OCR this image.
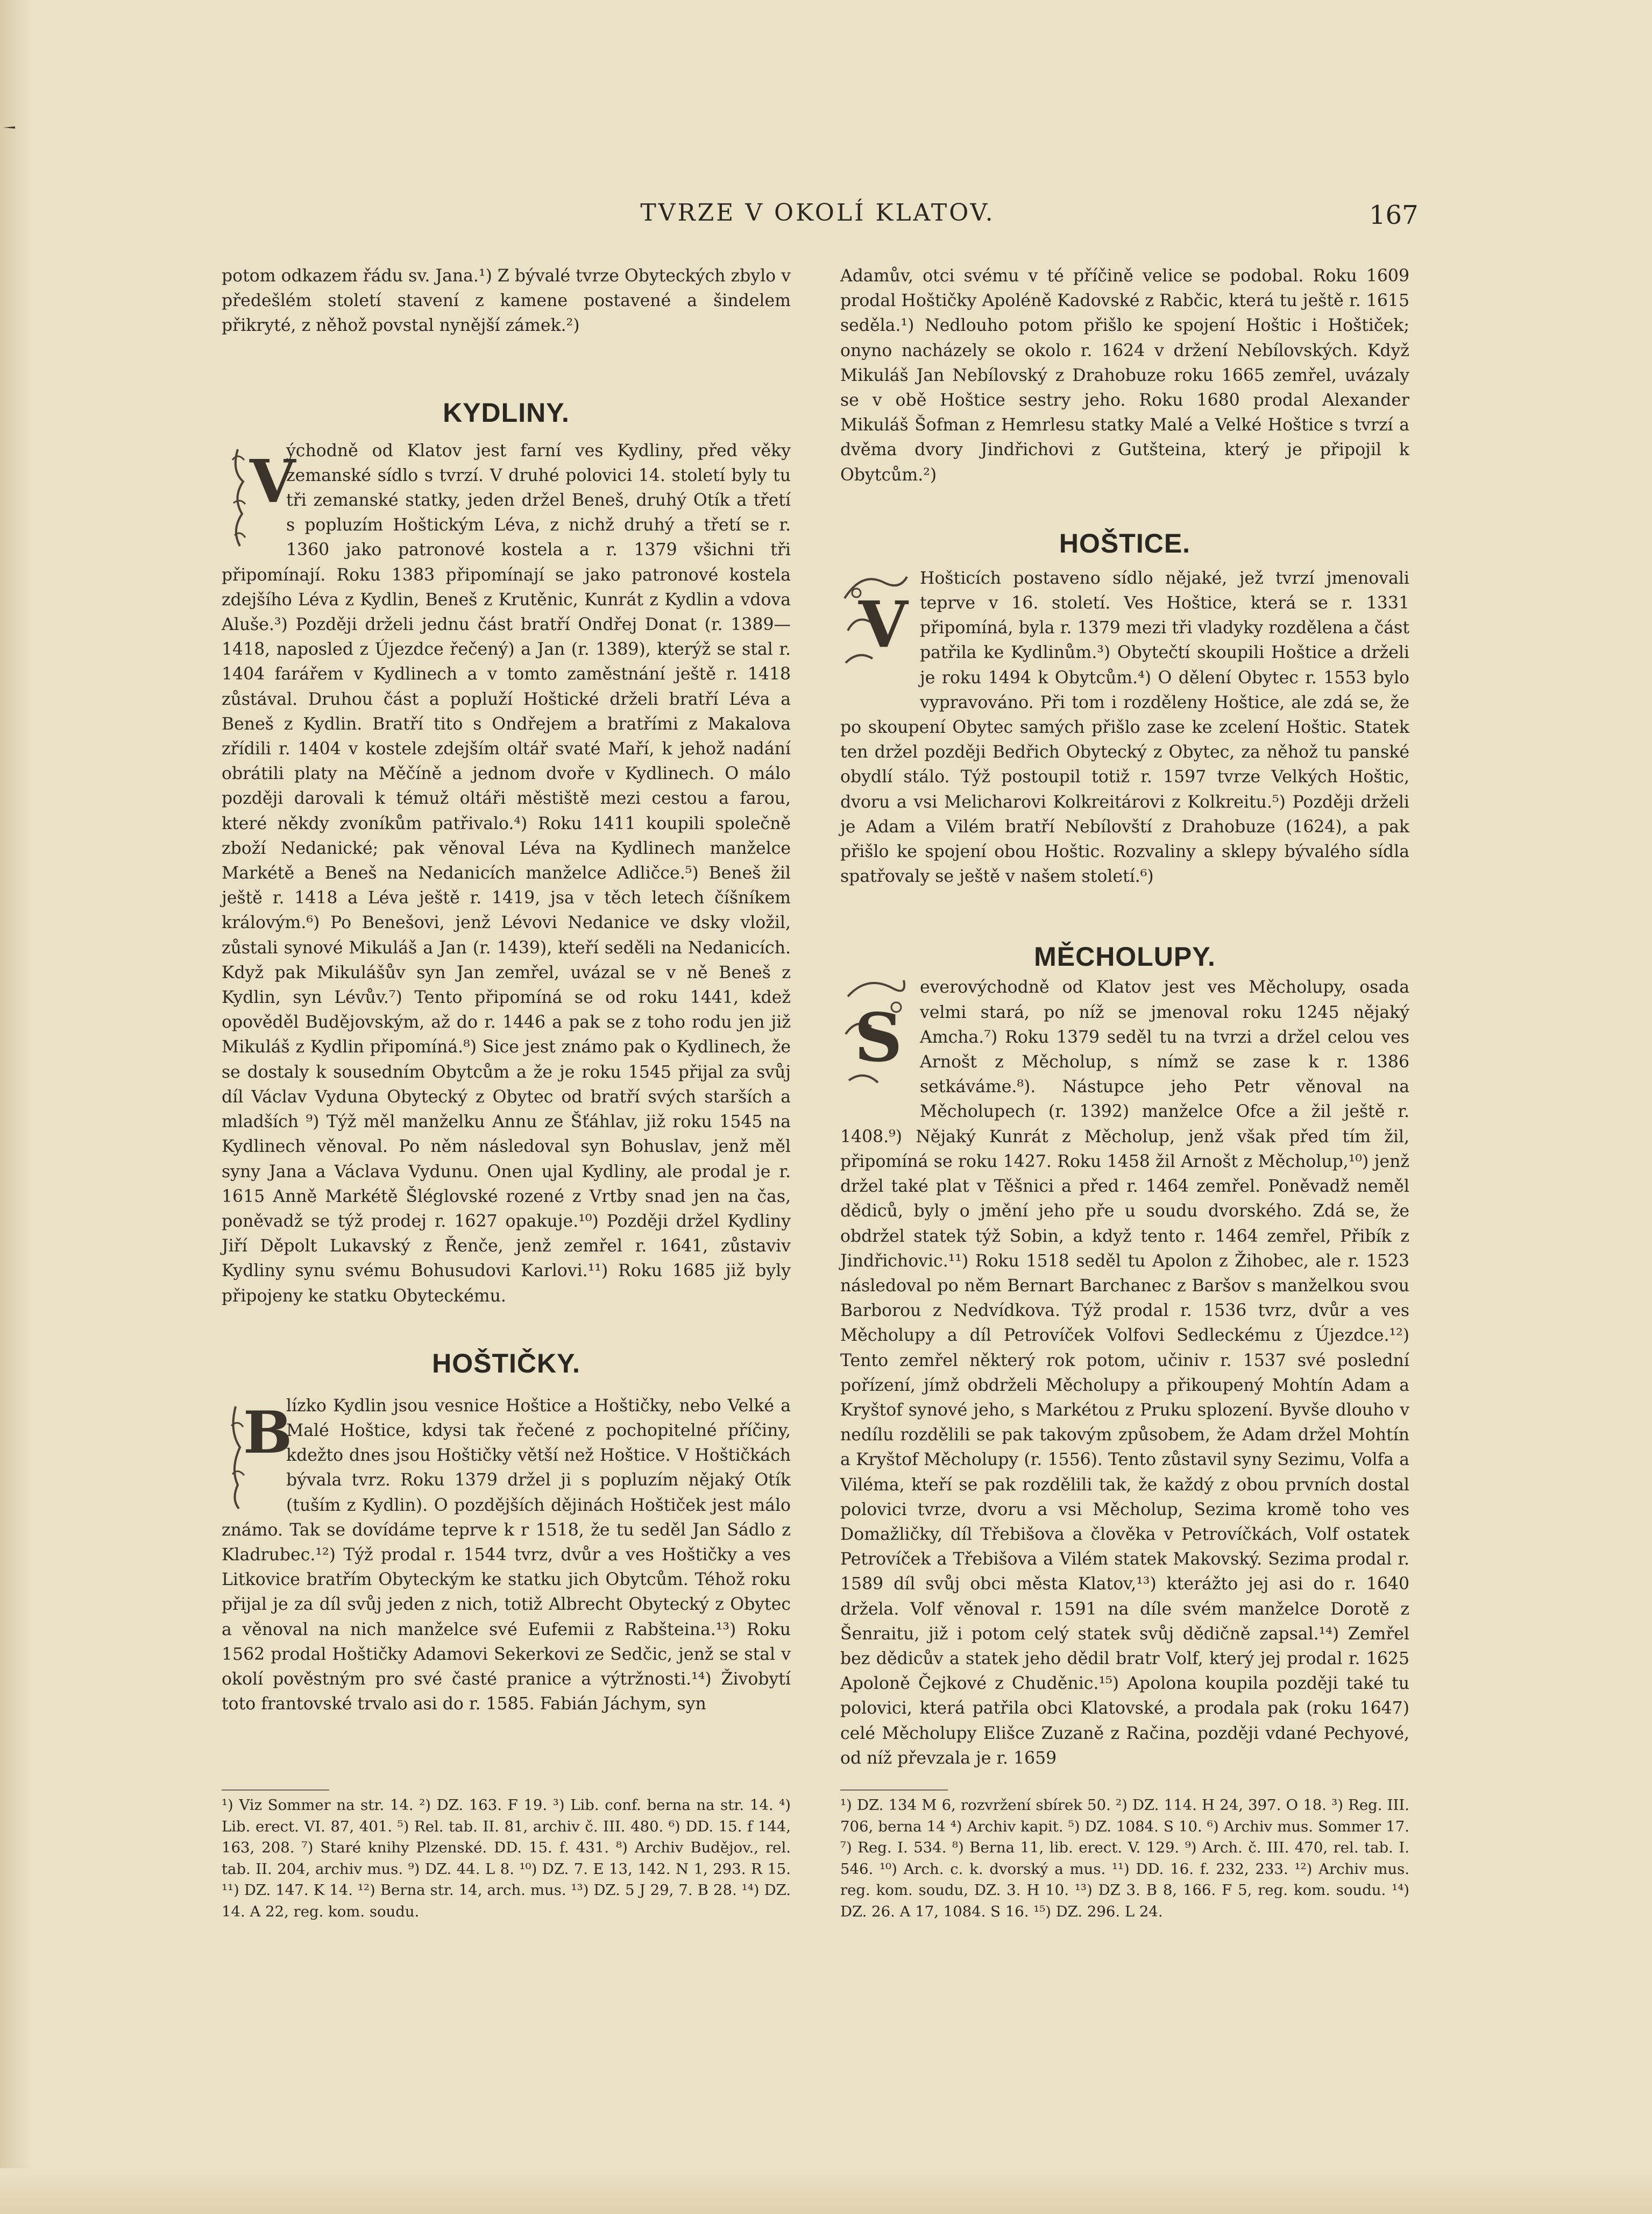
TVRZE V OKOLÍ KLATOV.	167

potom odkazem řádu sv. Jana.¹) Z bývalé tvrze Obyteckých zbylo v předešlém století stavení z kamene postavené a šindelem přikryté, z něhož povstal nynější zámek.²)

KYDLINY.

V
ýchodně od Klatov jest farní ves Kydliny, před věky zemanské sídlo s tvrzí. V druhé polovici 14. století byly tu tři zemanské statky, jeden držel Beneš, druhý Otík a třetí s popluzím Hoštickým Léva, z nichž druhý a třetí se r. 1360 jako patronové kostela a r. 1379 všichni tři připomínají. Roku 1383 připomínají se jako patronové kostela zdejšího Léva z Kydlin, Beneš z Krutěnic, Kunrát z Kydlin a vdova Aluše.³) Později drželi jednu část bratří Ondřej Donat (r. 1389—1418, naposled z Újezdce řečený) a Jan (r. 1389), kterýž se stal r. 1404 farářem v Kydlinech a v tomto zaměstnání ještě r. 1418 zůstával. Druhou část a popluží Hoštické drželi bratří Léva a Beneš z Kydlin. Bratří tito s Ondřejem a bratřími z Makalova zřídili r. 1404 v kostele zdejším oltář svaté Maří, k jehož nadání obrátili platy na Měčíně a jednom dvoře v Kydlinech. O málo později darovali k témuž oltáři městiště mezi cestou a farou, které někdy zvoníkům patřivalo.⁴) Roku 1411 koupili společně zboží Nedanické; pak věnoval Léva na Kydlinech manželce Markétě a Beneš na Nedanicích manželce Adličce.⁵) Beneš žil ještě r. 1418 a Léva ještě r. 1419, jsa v těch letech číšníkem královým.⁶) Po Benešovi, jenž Lévovi Nedanice ve dsky vložil, zůstali synové Mikuláš a Jan (r. 1439), kteří seděli na Nedanicích. Když pak Mikulášův syn Jan zemřel, uvázal se v ně Beneš z Kydlin, syn Lévův.⁷) Tento připomíná se od roku 1441, kdež opověděl Budějovským, až do r. 1446 a pak se z toho rodu jen již Mikuláš z Kydlin připomíná.⁸) Sice jest známo pak o Kydlinech, že se dostaly k sousedním Obytcům a že je roku 1545 přijal za svůj díl Václav Vyduna Obytecký z Obytec od bratří svých starších a mladších ⁹) Týž měl manželku Annu ze Šťáhlav, již roku 1545 na Kydlinech věnoval. Po něm následoval syn Bohuslav, jenž měl syny Jana a Václava Vydunu. Onen ujal Kydliny, ale prodal je r. 1615 Anně Markétě Šléglovské rozené z Vrtby snad jen na čas, poněvadž se týž prodej r. 1627 opakuje.¹⁰) Později držel Kydliny Jiří Děpolt Lukavský z Řenče, jenž zemřel r. 1641, zůstaviv Kydliny synu svému Bohusudovi Karlovi.¹¹) Roku 1685 již byly připojeny ke statku Obyteckému.

HOŠTIČKY.

B
lízko Kydlin jsou vesnice Hoštice a Hoštičky, nebo Velké a Malé Hoštice, kdysi tak řečené z pochopitelné příčiny, kdežto dnes jsou Hoštičky větší než Hoštice. V Hoštičkách bývala tvrz. Roku 1379 držel ji s popluzím nějaký Otík (tuším z Kydlin). O pozdějších dějinách Hoštiček jest málo známo. Tak se dovídáme teprve k r 1518, že tu seděl Jan Sádlo z Kladrubec.¹²) Týž prodal r. 1544 tvrz, dvůr a ves Hoštičky a ves Litkovice bratřím Obyteckým ke statku jich Obytcům. Téhož roku přijal je za díl svůj jeden z nich, totiž Albrecht Obytecký z Obytec a věnoval na nich manželce své Eufemii z Rabšteina.¹³) Roku 1562 prodal Hoštičky Adamovi Sekerkovi ze Sedčic, jenž se stal v okolí pověstným pro své časté pranice a výtržnosti.¹⁴) Živobytí toto frantovské trvalo asi do r. 1585. Fabián Jáchym, syn

Adamův, otci svému v té příčině velice se podobal. Roku 1609 prodal Hoštičky Apoléně Kadovské z Rabčic, která tu ještě r. 1615 seděla.¹) Nedlouho potom přišlo ke spojení Hoštic i Hoštiček; onyno nacházely se okolo r. 1624 v držení Nebílovských. Když Mikuláš Jan Nebílovský z Drahobuze roku 1665 zemřel, uvázaly se v obě Hoštice sestry jeho. Roku 1680 prodal Alexander Mikuláš Šofman z Hemrlesu statky Malé a Velké Hoštice s tvrzí a dvěma dvory Jindřichovi z Gutšteina, který je připojil k Obytcům.²)

HOŠTICE.

V
Hošticích postaveno sídlo nějaké, jež tvrzí jmenovali teprve v 16. století. Ves Hoštice, která se r. 1331 připomíná, byla r. 1379 mezi tři vladyky rozdělena a část patřila ke Kydlinům.³) Obytečtí skoupili Hoštice a drželi je roku 1494 k Obytcům.⁴) O dělení Obytec r. 1553 bylo vypravováno. Při tom i rozděleny Hoštice, ale zdá se, že po skoupení Obytec samých přišlo zase ke zcelení Hoštic. Statek ten držel později Bedřich Obytecký z Obytec, za něhož tu panské obydlí stálo. Týž postoupil totiž r. 1597 tvrze Velkých Hoštic, dvoru a vsi Melicharovi Kolkreitárovi z Kolkreitu.⁵) Později drželi je Adam a Vilém bratří Nebílovští z Drahobuze (1624), a pak přišlo ke spojení obou Hoštic. Rozvaliny a sklepy bývalého sídla spatřovaly se ještě v našem století.⁶)

MĚCHOLUPY.

S
everovýchodně od Klatov jest ves Měcholupy, osada velmi stará, po níž se jmenoval roku 1245 nějaký Amcha.⁷) Roku 1379 seděl tu na tvrzi a držel celou ves Arnošt z Měcholup, s nímž se zase k r. 1386 setkáváme.⁸). Nástupce jeho Petr věnoval na Měcholupech (r. 1392) manželce Ofce a žil ještě r. 1408.⁹) Nějaký Kunrát z Měcholup, jenž však před tím žil, připomíná se roku 1427. Roku 1458 žil Arnošt z Měcholup,¹⁰) jenž držel také plat v Těšnici a před r. 1464 zemřel. Poněvadž neměl dědiců, byly o jmění jeho pře u soudu dvorského. Zdá se, že obdržel statek týž Sobin, a když tento r. 1464 zemřel, Přibík z Jindřichovic.¹¹) Roku 1518 seděl tu Apolon z Žihobec, ale r. 1523 následoval po něm Bernart Barchanec z Baršov s manželkou svou Barborou z Nedvídkova. Týž prodal r. 1536 tvrz, dvůr a ves Měcholupy a díl Petrovíček Volfovi Sedleckému z Újezdce.¹²) Tento zemřel některý rok potom, učiniv r. 1537 své poslední pořízení, jímž obdrželi Měcholupy a přikoupený Mohtín Adam a Kryštof synové jeho, s Markétou z Pruku splození. Byvše dlouho v nedílu rozdělili se pak takovým způsobem, že Adam držel Mohtín a Kryštof Měcholupy (r. 1556). Tento zůstavil syny Sezimu, Volfa a Viléma, kteří se pak rozdělili tak, že každý z obou prvních dostal polovici tvrze, dvoru a vsi Měcholup, Sezima kromě toho ves Domažličky, díl Třebišova a člověka v Petrovíčkách, Volf ostatek Petrovíček a Třebišova a Vilém statek Makovský. Sezima prodal r. 1589 díl svůj obci města Klatov,¹³) kterážto jej asi do r. 1640 držela. Volf věnoval r. 1591 na díle svém manželce Dorotě z Šenraitu, již i potom celý statek svůj dědičně zapsal.¹⁴) Zemřel bez dědicův a statek jeho dědil bratr Volf, který jej prodal r. 1625 Apoloně Čejkové z Chuděnic.¹⁵) Apolona koupila později také tu polovici, která patřila obci Klatovské, a prodala pak (roku 1647) celé Měcholupy Elišce Zuzaně z Račina, později vdané Pechyové, od níž převzala je r. 1659

¹) Viz Sommer na str. 14. ²) DZ. 163. F 19. ³) Lib. conf. berna na str. 14. ⁴) Lib. erect. VI. 87, 401. ⁵) Rel. tab. II. 81, archiv č. III. 480. ⁶) DD. 15. f 144, 163, 208. ⁷) Staré knihy Plzenské. DD. 15. f. 431. ⁸) Archiv Budějov., rel. tab. II. 204, archiv mus. ⁹) DZ. 44. L 8. ¹⁰) DZ. 7. E 13, 142. N 1, 293. R 15. ¹¹) DZ. 147. K 14. ¹²) Berna str. 14, arch. mus. ¹³) DZ. 5 J 29, 7. B 28. ¹⁴) DZ. 14. A 22, reg. kom. soudu.
¹) DZ. 134 M 6, rozvržení sbírek 50. ²) DZ. 114. H 24, 397. O 18. ³) Reg. III. 706, berna 14 ⁴) Archiv kapit. ⁵) DZ. 1084. S 10. ⁶) Archiv mus. Sommer 17. ⁷) Reg. I. 534. ⁸) Berna 11, lib. erect. V. 129. ⁹) Arch. č. III. 470, rel. tab. I. 546. ¹⁰) Arch. c. k. dvorský a mus. ¹¹) DD. 16. f. 232, 233. ¹²) Archiv mus. reg. kom. soudu, DZ. 3. H 10. ¹³) DZ 3. B 8, 166. F 5, reg. kom. soudu. ¹⁴) DZ. 26. A 17, 1084. S 16. ¹⁵) DZ. 296. L 24.
